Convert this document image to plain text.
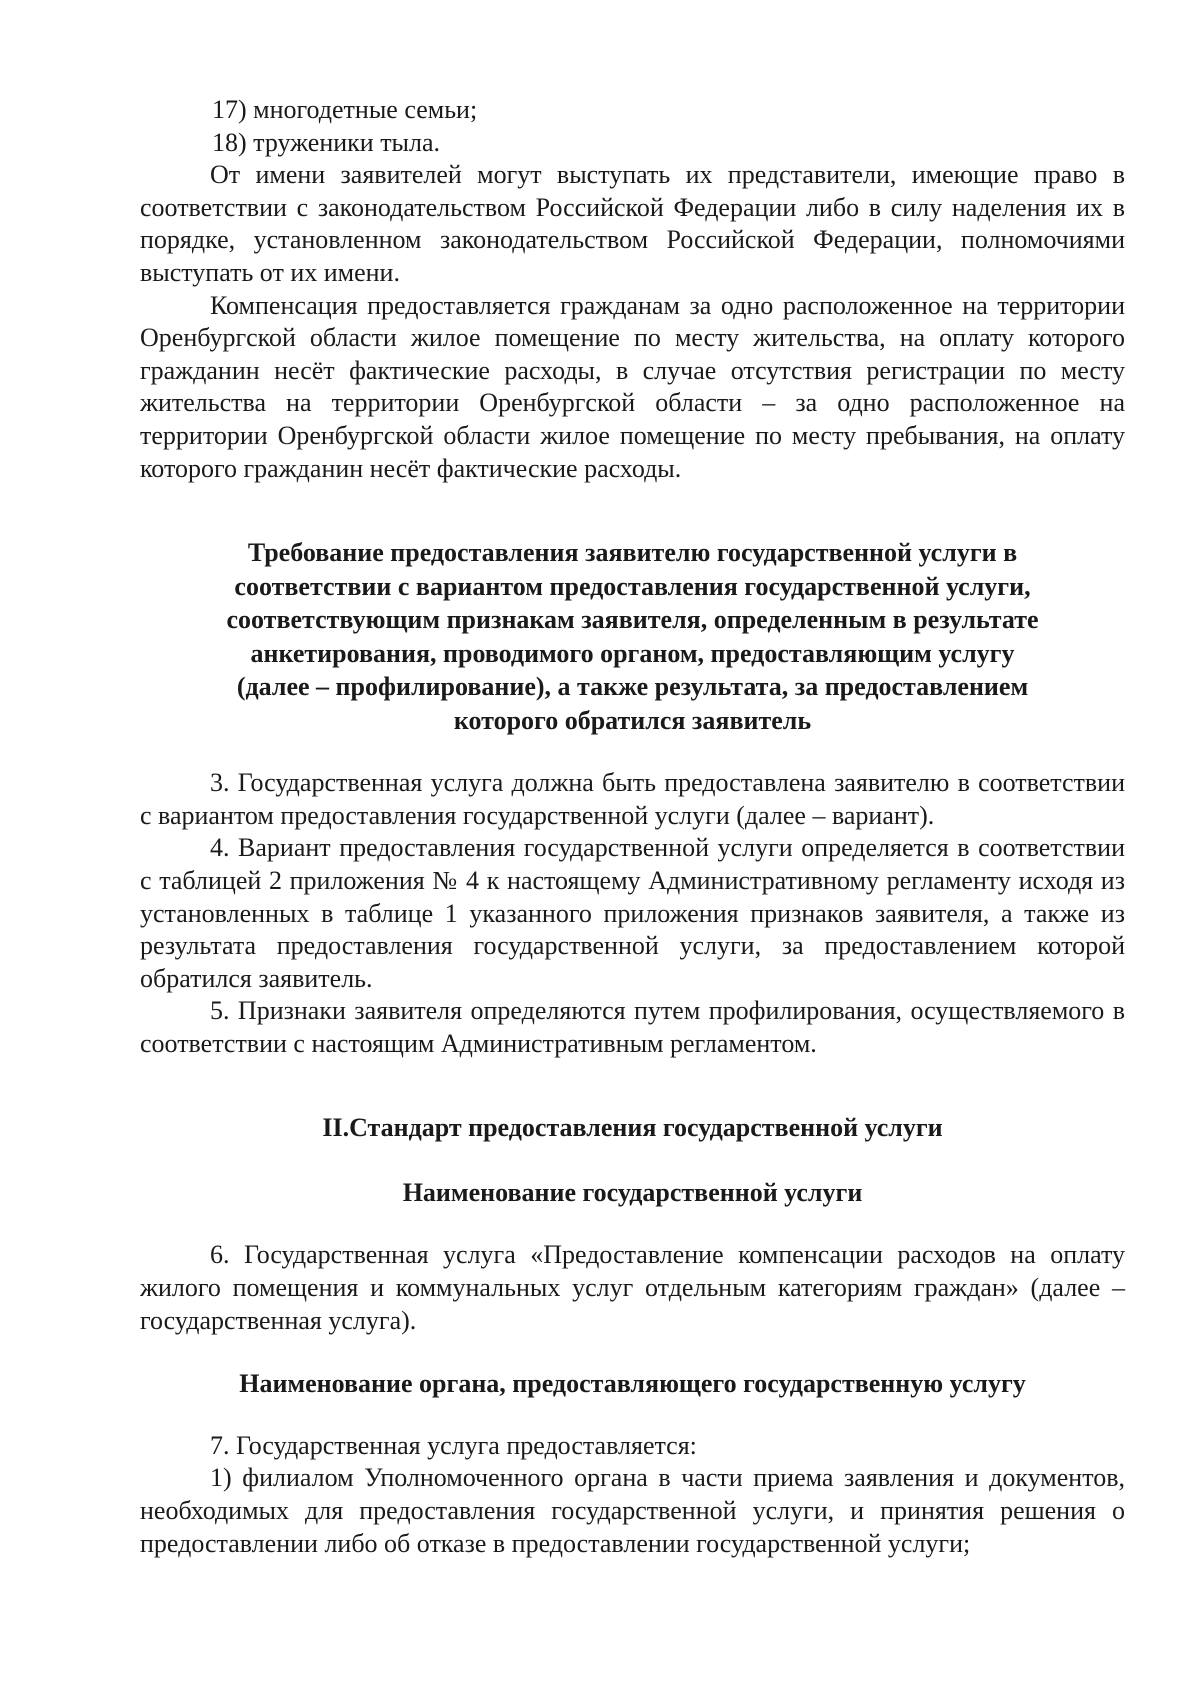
17) многодетные семьи;

18) труженики тыла.

От имени заявителей могут выступать их представители, имеющие право в соответствии с законодательством Российской Федерации либо в силу наделения их в порядке, установленном законодательством Российской Федерации, полномочиями выступать от их имени.

Компенсация предоставляется гражданам за одно расположенное на территории Оренбургской области жилое помещение по месту жительства, на оплату которого гражданин несёт фактические расходы, в случае отсутствия регистрации по месту жительства на территории Оренбургской области – за одно расположенное на территории Оренбургской области жилое помещение по месту пребывания, на оплату которого гражданин несёт фактические расходы.

Требование предоставления заявителю государственной услуги в

соответствии с вариантом предоставления государственной услуги,

соответствующим признакам заявителя, определенным в результате

анкетирования, проводимого органом, предоставляющим услугу

(далее – профилирование), а также результата, за предоставлением

которого обратился заявитель

3. Государственная услуга должна быть предоставлена заявителю в соответствии с вариантом предоставления государственной услуги (далее – вариант).

4. Вариант предоставления государственной услуги определяется в соответствии с таблицей 2 приложения № 4 к настоящему Административному регламенту исходя из установленных в таблице 1 указанного приложения признаков заявителя, а также из результата предоставления государственной услуги, за предоставлением которой обратился заявитель.

5. Признаки заявителя определяются путем профилирования, осуществляемого в соответствии с настоящим Административным регламентом.

II.Стандарт предоставления государственной услуги

Наименование государственной услуги

6. Государственная услуга «Предоставление компенсации расходов на оплату жилого помещения и коммунальных услуг отдельным категориям граждан» (далее – государственная услуга).

Наименование органа, предоставляющего государственную услугу

7. Государственная услуга предоставляется:

1) филиалом Уполномоченного органа в части приема заявления и документов, необходимых для предоставления государственной услуги, и принятия решения о предоставлении либо об отказе в предоставлении государственной услуги;
